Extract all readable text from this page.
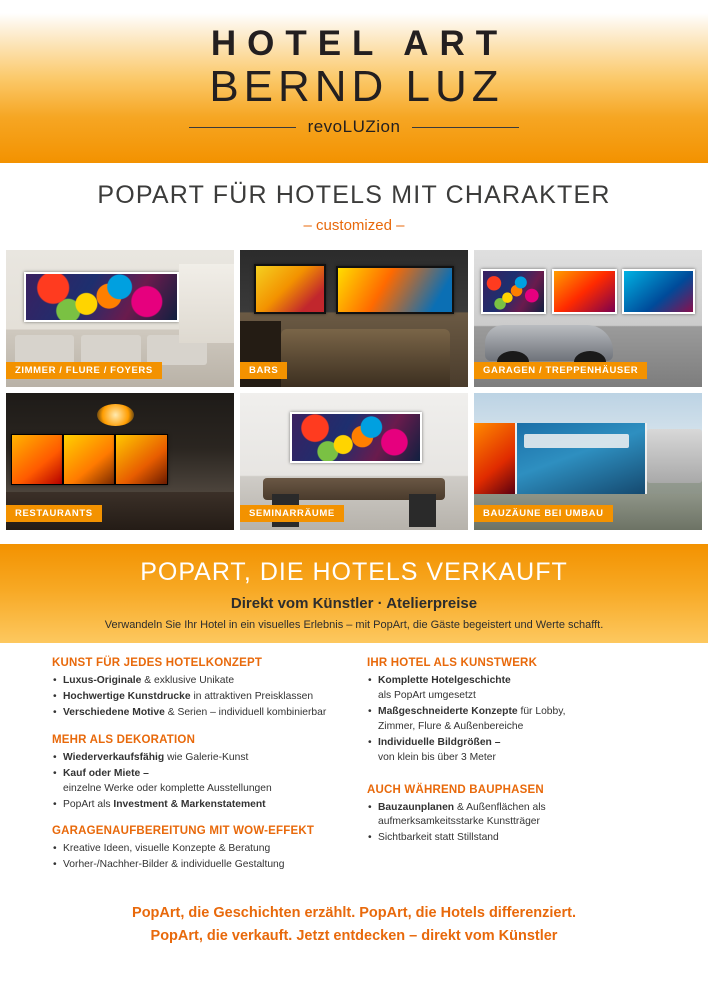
HOTEL ART
BERND LUZ
revoLUZion
POPART FÜR HOTELS MIT CHARAKTER
– customized –
ZIMMER / FLURE / FOYERS	BARS	GARAGEN / TREPPENHÄUSER
RESTAURANTS	SEMINARRÄUME	BAUZÄUNE BEI UMBAU
POPART, DIE HOTELS VERKAUFT
Direkt vom Künstler · Atelierpreise
Verwandeln Sie Ihr Hotel in ein visuelles Erlebnis – mit PopArt, die Gäste begeistert und Werte schafft.
KUNST FÜR JEDES HOTELKONZEPT
• Luxus-Originale & exklusive Unikate
• Hochwertige Kunstdrucke in attraktiven Preisklassen
• Verschiedene Motive & Serien – individuell kombinierbar
MEHR ALS DEKORATION
• Wiederverkaufsfähig wie Galerie-Kunst
• Kauf oder Miete –
einzelne Werke oder komplette Ausstellungen
• PopArt als Investment & Markenstatement
GARAGENAUFBEREITUNG MIT WOW-EFFEKT
• Kreative Ideen, visuelle Konzepte & Beratung
• Vorher-/Nachher-Bilder & individuelle Gestaltung
IHR HOTEL ALS KUNSTWERK
• Komplette Hotelgeschichte
als PopArt umgesetzt
• Maßgeschneiderte Konzepte für Lobby,
Zimmer, Flure & Außenbereiche
• Individuelle Bildgrößen –
von klein bis über 3 Meter
AUCH WÄHREND BAUPHASEN
• Bauzaunplanen & Außenflächen als
aufmerksamkeitsstarke Kunstträger
• Sichtbarkeit statt Stillstand
PopArt, die Geschichten erzählt. PopArt, die Hotels differenziert.
PopArt, die verkauft. Jetzt entdecken – direkt vom Künstler
